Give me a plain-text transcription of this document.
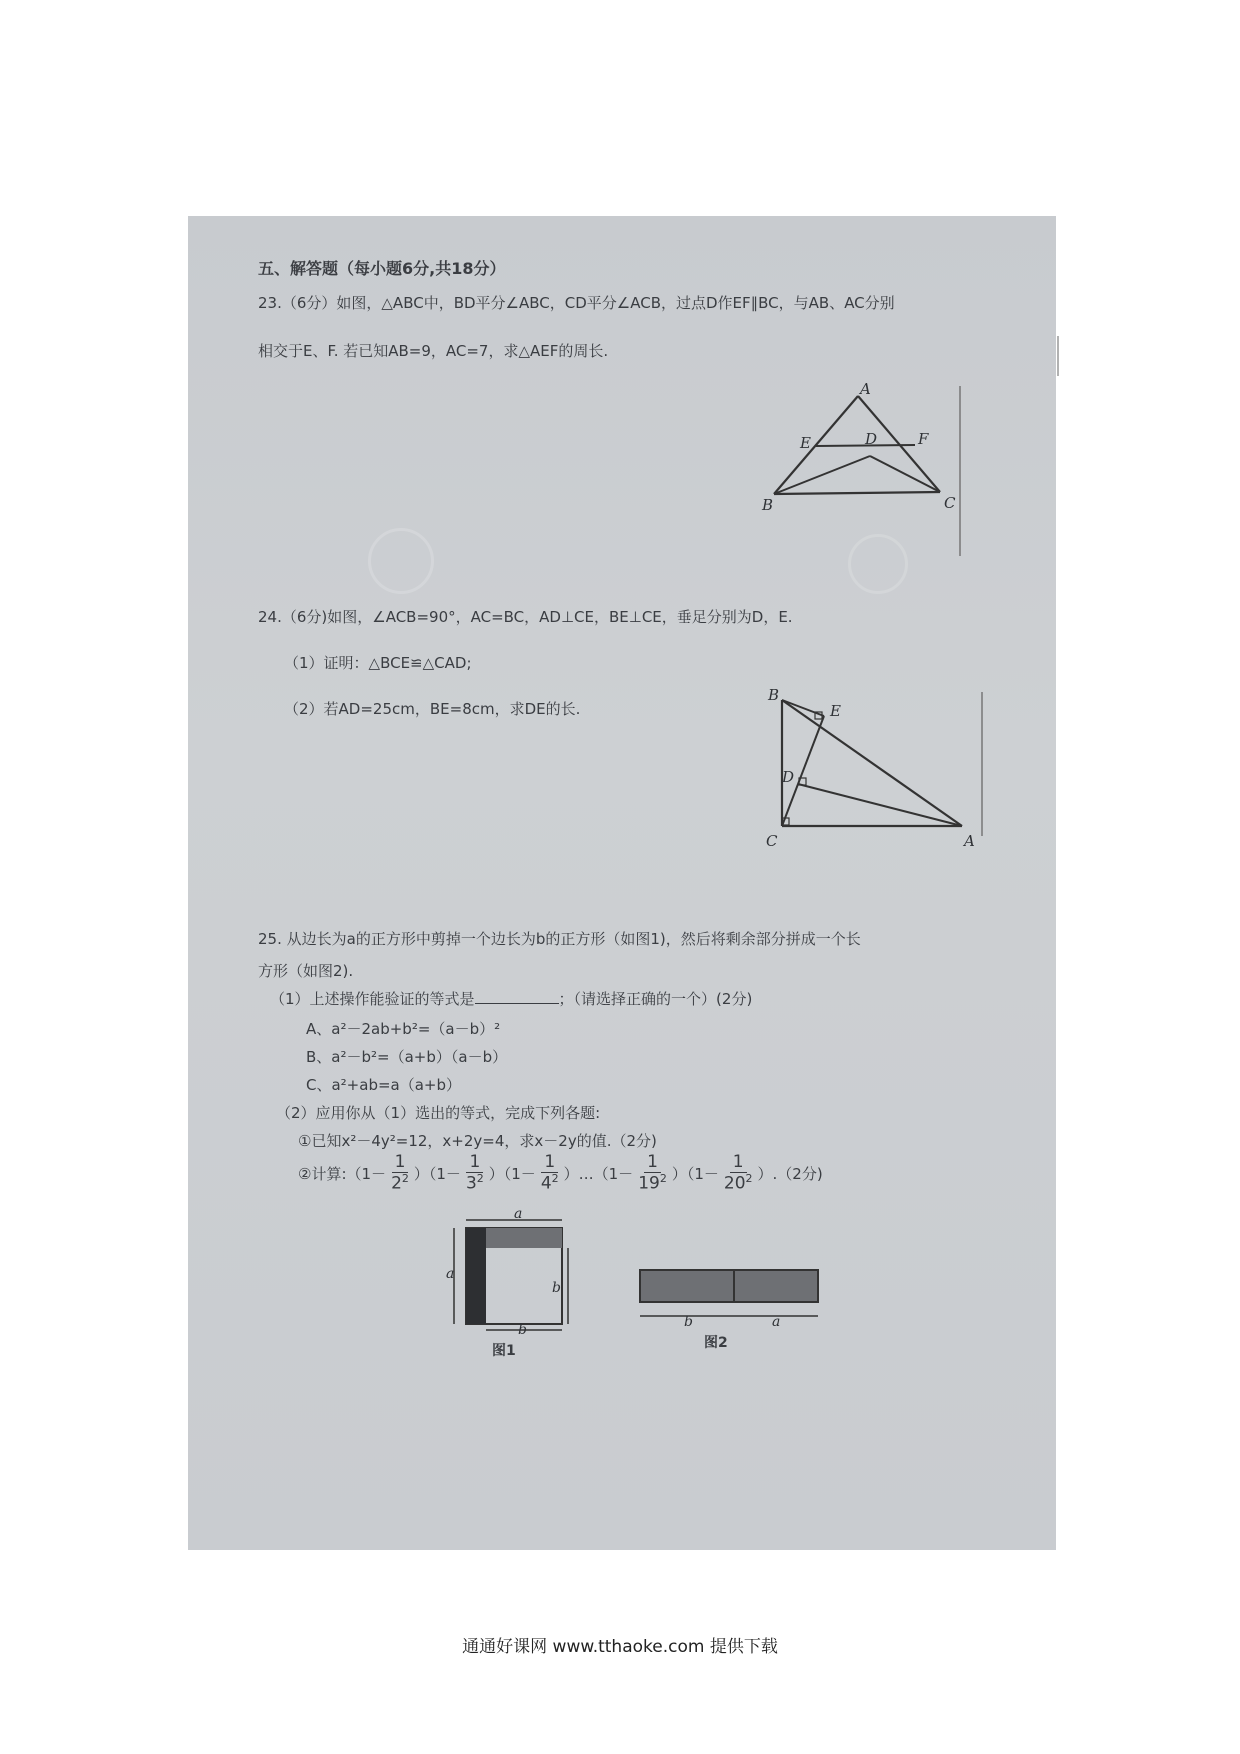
五、解答题（每小题6分,共18分）
23.（6分）如图，△ABC中，BD平分∠ABC，CD平分∠ACB，过点D作EF∥BC，与AB、AC分别
相交于E、F. 若已知AB=9，AC=7，求△AEF的周长.
A
B	C
D
E	F
24.（6分)如图，∠ACB=90°，AC=BC，AD⊥CE，BE⊥CE，垂足分别为D，E.
（1）证明：△BCE≌△CAD;
（2）若AD=25cm，BE=8cm，求DE的长.
B
E
D
C	A
25. 从边长为a的正方形中剪掉一个边长为b的正方形（如图1)，然后将剩余部分拼成一个长
方形（如图2).
（1）上述操作能验证的等式是	；（请选择正确的一个）(2分)
A、a²－2ab+b²=（a－b）²
B、a²－b²=（a+b）（a－b）
C、a²+ab=a（a+b）
（2）应用你从（1）选出的等式，完成下列各题:
①已知x²－4y²=12，x+2y=4，求x－2y的值.（2分)
②计算: $(1- \frac{1}{2^2} )(1- \frac{1}{3^2} )(1- \frac{1}{4^2}$ ）…（1－ $\frac{1}{19^2} )(1- \frac{1}{20^2}$ ） .（2分)
a
a
b
b
图1
b	a
图2
通通好课网 www.tthaoke.com 提供下载
